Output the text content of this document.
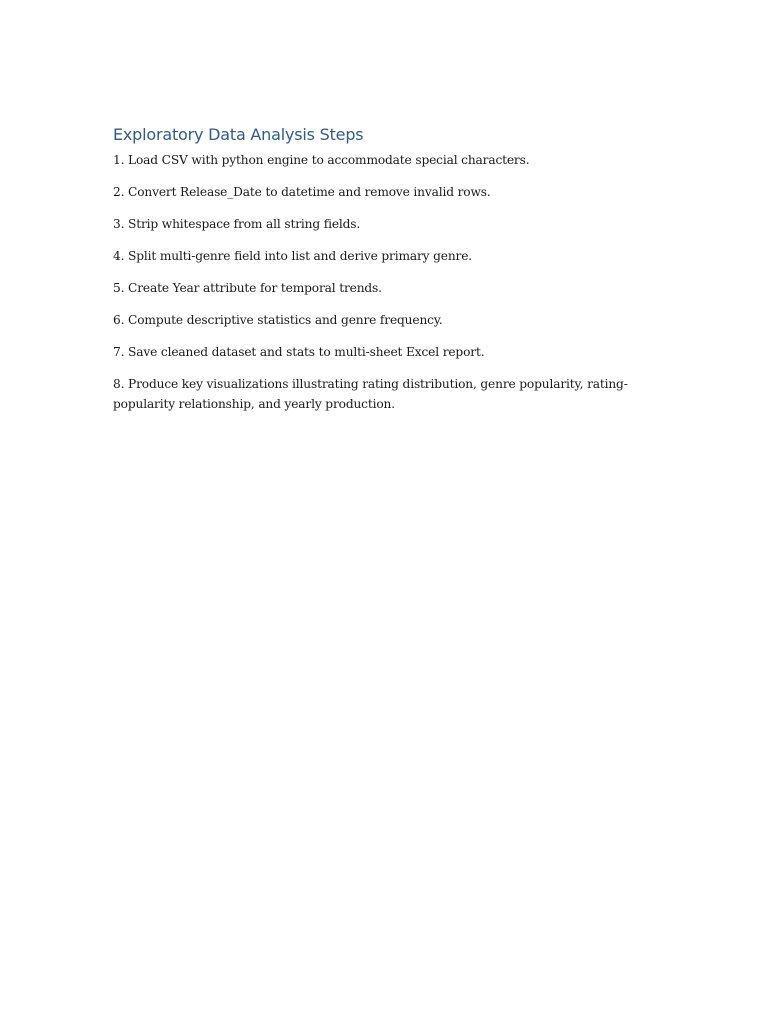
Exploratory Data Analysis Steps
1. Load CSV with python engine to accommodate special characters.
2. Convert Release_Date to datetime and remove invalid rows.
3. Strip whitespace from all string fields.
4. Split multi-genre field into list and derive primary genre.
5. Create Year attribute for temporal trends.
6. Compute descriptive statistics and genre frequency.
7. Save cleaned dataset and stats to multi-sheet Excel report.
8. Produce key visualizations illustrating rating distribution, genre popularity, rating-popularity relationship, and yearly production.
